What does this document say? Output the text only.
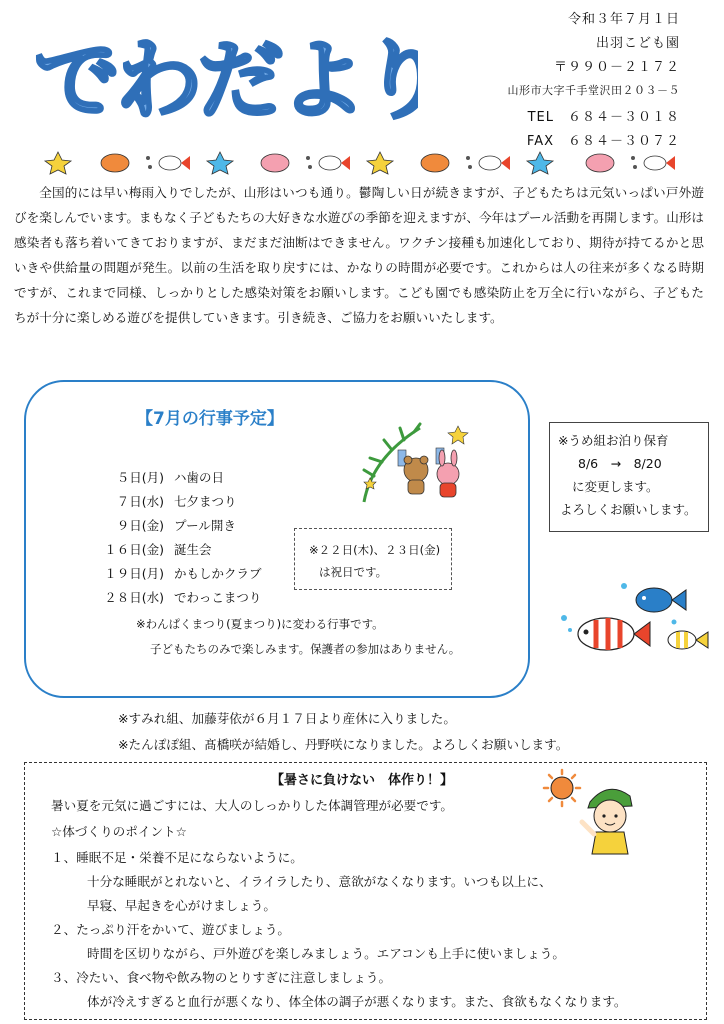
でわだより
令和３年７月１日
出羽こども園
〒９９０－２１７２
山形市大字千手堂沢田２０３－５
TEL　６８４－３０１８
FAX　６８４－３０７２

全国的には早い梅雨入りでしたが、山形はいつも通り。鬱陶しい日が続きますが、子どもたちは元気いっぱい戸外遊びを楽しんでいます。まもなく子どもたちの大好きな水遊びの季節を迎えますが、今年はプール活動を再開します。山形は感染者も落ち着いてきておりますが、まだまだ油断はできません。ワクチン接種も加速化しており、期待が持てるかと思いきや供給量の問題が発生。以前の生活を取り戻すには、かなりの時間が必要です。これからは人の往来が多くなる時期ですが、これまで同様、しっかりとした感染対策をお願いします。こども園でも感染防止を万全に行いながら、子どもたちが十分に楽しめる遊びを提供していきます。引き続き、ご協力をお願いいたします。

【7月の行事予定】
５日(月) ハ歯の日
７日(水) 七夕まつり
９日(金) プール開き
１６日(金) 誕生会
１９日(月) かもしかクラブ
２８日(水) でわっこまつり
※２２日(木)、２３日(金)
は祝日です。
※わんぱくまつり(夏まつり)に変わる行事です。
子どもたちのみで楽しみます。保護者の参加はありません。
※うめ組お泊り保育
8/6　→　8/20
に変更します。
よろしくお願いします。
※すみれ組、加藤芽依が６月１７日より産休に入りました。
※たんぽぽ組、髙橋咲が結婚し、丹野咲になりました。よろしくお願いします。
【暑さに負けない　体作り！】
暑い夏を元気に過ごすには、大人のしっかりした体調管理が必要です。
☆体づくりのポイント☆
１、睡眠不足・栄養不足にならないように。
十分な睡眠がとれないと、イライラしたり、意欲がなくなります。いつも以上に、
早寝、早起きを心がけましょう。
２、たっぷり汗をかいて、遊びましょう。
時間を区切りながら、戸外遊びを楽しみましょう。エアコンも上手に使いましょう。
３、冷たい、食べ物や飲み物のとりすぎに注意しましょう。
体が冷えすぎると血行が悪くなり、体全体の調子が悪くなります。また、食欲もなくなります。
